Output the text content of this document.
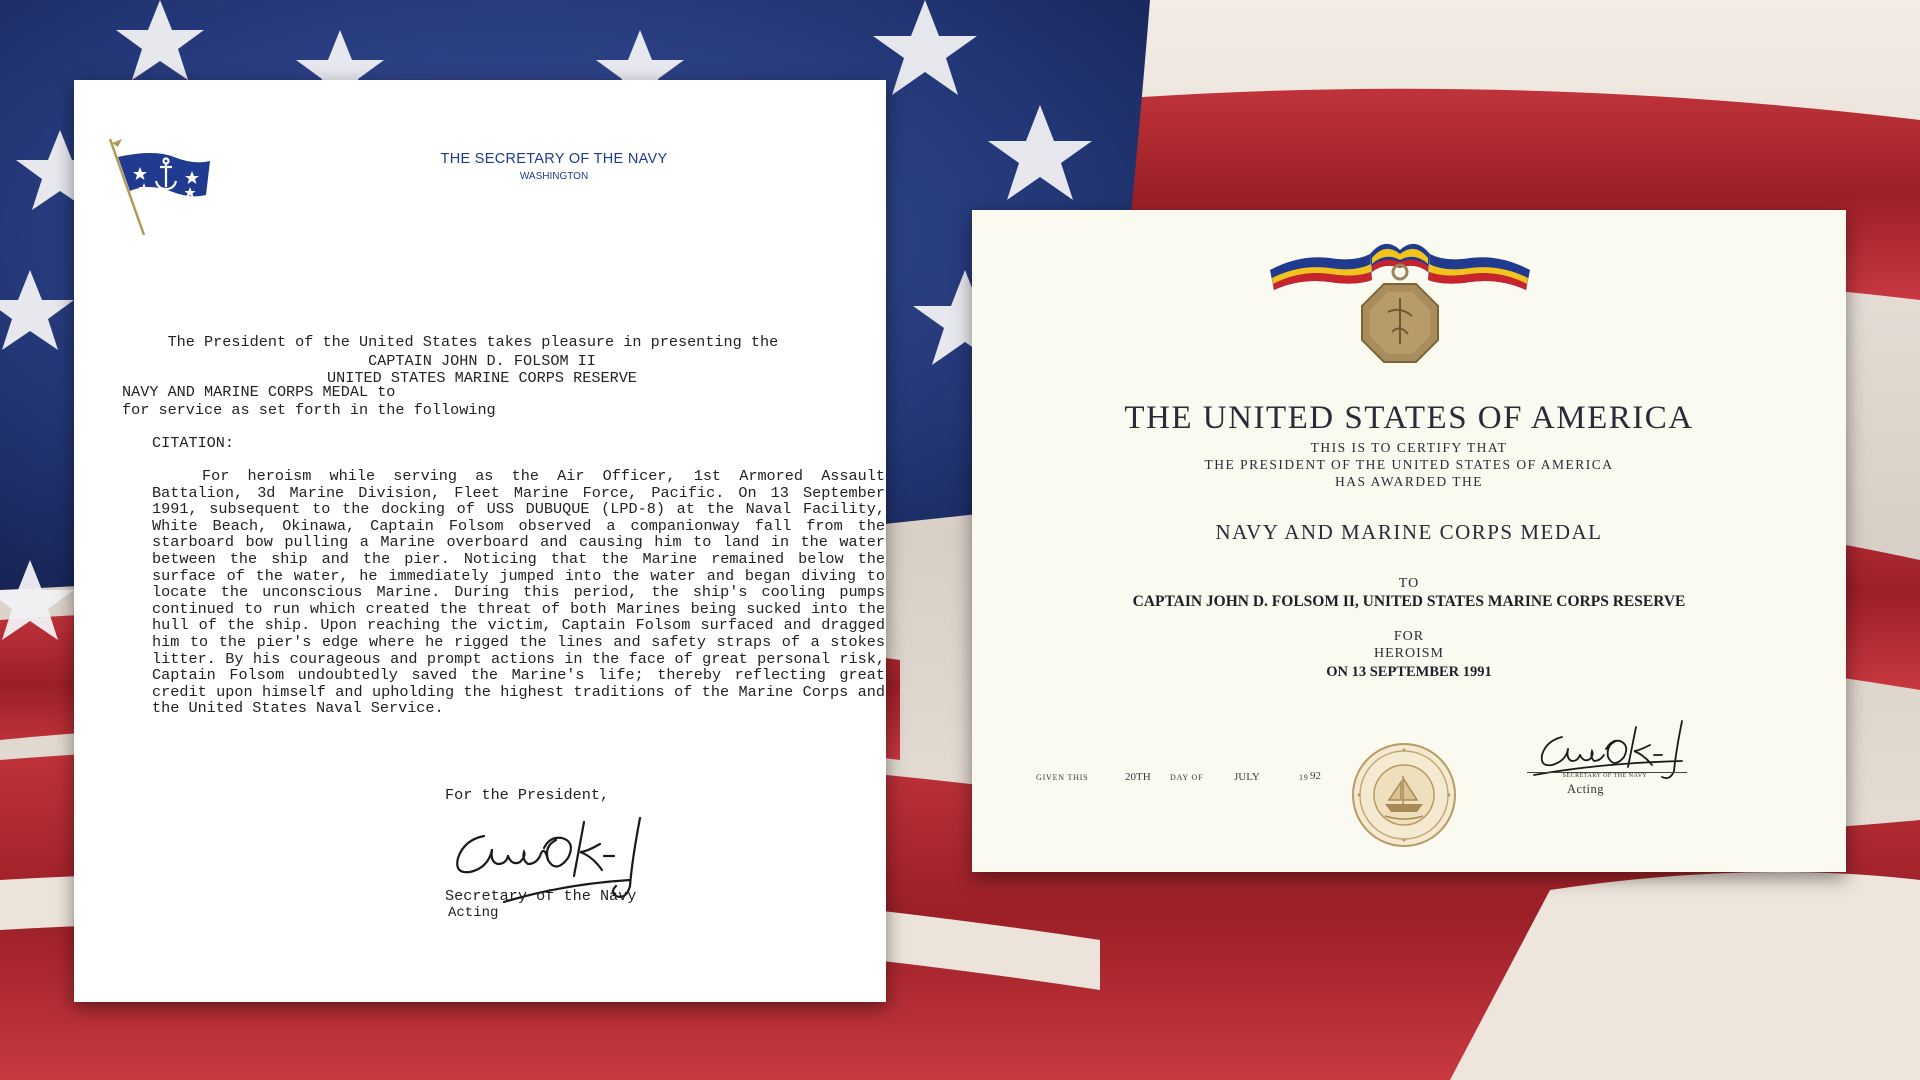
THE SECRETARY OF THE NAVY
WASHINGTON

The President of the United States takes pleasure in presenting the

NAVY AND MARINE CORPS MEDAL to

CAPTAIN JOHN D. FOLSOM II
UNITED STATES MARINE CORPS RESERVE
for service as set forth in the following
CITATION:
For heroism while serving as the Air Officer, 1st Armored Assault Battalion, 3d Marine Division, Fleet Marine Force, Pacific. On 13 September 1991, subsequent to the docking of USS DUBUQUE (LPD-8) at the Naval Facility, White Beach, Okinawa, Captain Folsom observed a companionway fall from the starboard bow pulling a Marine overboard and causing him to land in the water between the ship and the pier. Noticing that the Marine remained below the surface of the water, he immediately jumped into the water and began diving to locate the unconscious Marine. During this period, the ship's cooling pumps continued to run which created the threat of both Marines being sucked into the hull of the ship. Upon reaching the victim, Captain Folsom surfaced and dragged him to the pier's edge where he rigged the lines and safety straps of a stokes litter. By his courageous and prompt actions in the face of great personal risk, Captain Folsom undoubtedly saved the Marine's life; thereby reflecting great credit upon himself and upholding the highest traditions of the Marine Corps and the United States Naval Service.
For the President,
Secretary of the Navy
Acting
THE UNITED STATES OF AMERICA
THIS IS TO CERTIFY THAT
THE PRESIDENT OF THE UNITED STATES OF AMERICA
HAS AWARDED THE
NAVY AND MARINE CORPS MEDAL
TO
CAPTAIN JOHN D. FOLSOM II, UNITED STATES MARINE CORPS RESERVE
FOR
HEROISM
ON 13 SEPTEMBER 1991
GIVEN THIS	20TH DAY OF	JULY	19 92	SECRETARY OF THE NAVY
Acting
